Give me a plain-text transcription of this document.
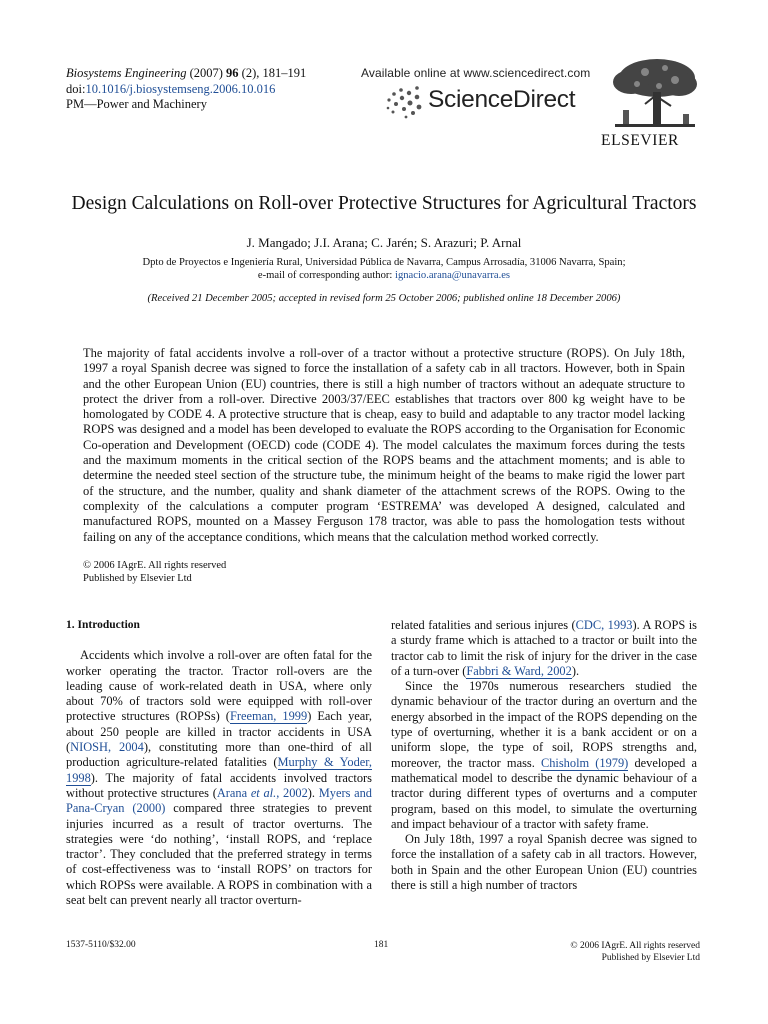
Biosystems Engineering (2007) 96 (2), 181–191
doi:10.1016/j.biosystemseng.2006.10.016
PM—Power and Machinery
Available online at www.sciencedirect.com
ScienceDirect
ELSEVIER
Design Calculations on Roll-over Protective Structures for Agricultural Tractors
J. Mangado; J.I. Arana; C. Jarén; S. Arazuri; P. Arnal
Dpto de Proyectos e Ingeniería Rural, Universidad Pública de Navarra, Campus Arrosadía, 31006 Navarra, Spain;
e-mail of corresponding author: ignacio.arana@unavarra.es
(Received 21 December 2005; accepted in revised form 25 October 2006; published online 18 December 2006)
The majority of fatal accidents involve a roll-over of a tractor without a protective structure (ROPS). On July 18th, 1997 a royal Spanish decree was signed to force the installation of a safety cab in all tractors. However, both in Spain and the other European Union (EU) countries, there is still a high number of tractors without an adequate structure to protect the driver from a roll-over. Directive 2003/37/EEC establishes that tractors over 800 kg weight have to be homologated by CODE 4. A protective structure that is cheap, easy to build and adaptable to any tractor model lacking ROPS was designed and a model has been developed to evaluate the ROPS according to the Organisation for Economic Co-operation and Development (OECD) code (CODE 4). The model calculates the maximum forces during the tests and the maximum moments in the critical section of the ROPS beams and the attachment moments; and is able to determine the needed steel section of the structure tube, the minimum height of the beams to make rigid the lower part of the structure, and the number, quality and shank diameter of the attachment screws of the ROPS. Owing to the complexity of the calculations a computer program ‘ESTREMA’ was developed A designed, calculated and manufactured ROPS, mounted on a Massey Ferguson 178 tractor, was able to pass the homologation tests without failing on any of the acceptance conditions, which means that the calculation method worked correctly.
© 2006 IAgrE. All rights reserved
Published by Elsevier Ltd

1. Introduction

Accidents which involve a roll-over are often fatal for the worker operating the tractor. Tractor roll-overs are the leading cause of work-related death in USA, where only about 70% of tractors sold were equipped with roll-over protective structures (ROPSs) (Freeman, 1999) Each year, about 250 people are killed in tractor accidents in USA (NIOSH, 2004), constituting more than one-third of all production agriculture-related fatalities (Murphy & Yoder, 1998). The majority of fatal accidents involved tractors without protective structures (Arana et al., 2002). Myers and Pana-Cryan (2000) compared three strategies to prevent injuries incurred as a result of tractor overturns. The strategies were ‘do nothing’, ‘install ROPS, and ‘replace tractor’. They concluded that the preferred strategy in terms of cost-effectiveness was to ‘install ROPS’ on tractors for which ROPSs were available. A ROPS in combination with a seat belt can prevent nearly all tractor overturn-

related fatalities and serious injures (CDC, 1993). A ROPS is a sturdy frame which is attached to a tractor or built into the tractor cab to limit the risk of injury for the driver in the case of a turn-over (Fabbri & Ward, 2002).

Since the 1970s numerous researchers studied the dynamic behaviour of the tractor during an overturn and the energy absorbed in the impact of the ROPS depending on the type of overturning, whether it is a bank accident or on a uniform slope, the type of soil, ROPS strengths and, moreover, the tractor mass. Chisholm (1979) developed a mathematical model to describe the dynamic behaviour of a tractor during different types of overturns and a computer program, based on this model, to simulate the overturning and impact behaviour of a tractor with safety frame.

On July 18th, 1997 a royal Spanish decree was signed to force the installation of a safety cab in all tractors. However, both in Spain and the other European Union (EU) countries there is still a high number of tractors

1537-5110/$32.00	181	© 2006 IAgrE. All rights reserved
Published by Elsevier Ltd
